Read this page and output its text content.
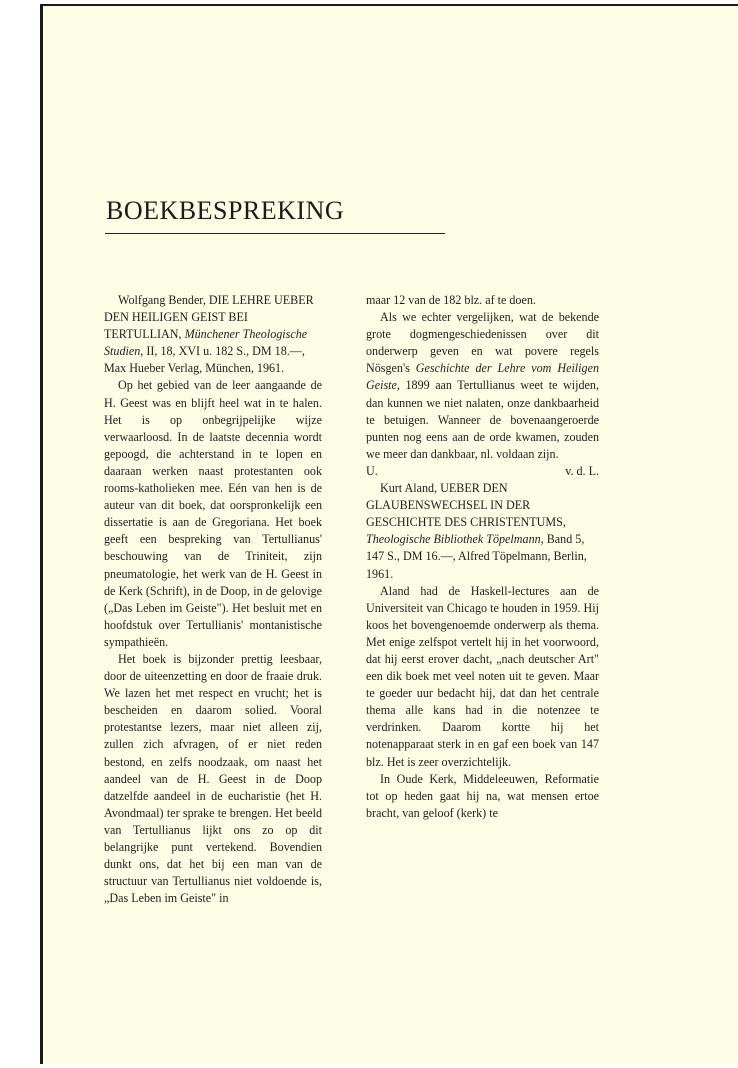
BOEKBESPREKING

Wolfgang Bender, DIE LEHRE UEBER DEN HEILIGEN GEIST BEI TERTULLIAN, Münchener Theologische Studien, II, 18, XVI u. 182 S., DM 18.—, Max Hueber Verlag, München, 1961.

Op het gebied van de leer aangaande de H. Geest was en blijft heel wat in te halen. Het is op onbegrijpelijke wijze verwaarloosd. In de laatste decennia wordt gepoogd, die achterstand in te lopen en daaraan werken naast protestanten ook rooms-katholieken mee. Eén van hen is de auteur van dit boek, dat oorspronkelijk een dissertatie is aan de Gregoriana. Het boek geeft een bespreking van Tertullianus' beschouwing van de Triniteit, zijn pneumatologie, het werk van de H. Geest in de Kerk (Schrift), in de Doop, in de gelovige („Das Leben im Geiste"). Het besluit met en hoofdstuk over Tertullianis' montanistische sympathieën.

Het boek is bijzonder prettig leesbaar, door de uiteenzetting en door de fraaie druk. We lazen het met respect en vrucht; het is bescheiden en daarom solied. Vooral protestantse lezers, maar niet alleen zij, zullen zich afvragen, of er niet reden bestond, en zelfs noodzaak, om naast het aandeel van de H. Geest in de Doop datzelfde aandeel in de eucharistie (het H. Avondmaal) ter sprake te brengen. Het beeld van Tertullianus lijkt ons zo op dit belangrijke punt vertekend. Bovendien dunkt ons, dat het bij een man van de structuur van Tertullianus niet voldoende is, „Das Leben im Geiste" in

maar 12 van de 182 blz. af te doen.

Als we echter vergelijken, wat de bekende grote dogmengeschiedenissen over dit onderwerp geven en wat povere regels Nösgen's Geschichte der Lehre vom Heiligen Geiste, 1899 aan Tertullianus weet te wijden, dan kunnen we niet nalaten, onze dankbaarheid te betuigen. Wanneer de bovenaangeroerde punten nog eens aan de orde kwamen, zouden we meer dan dankbaar, nl. voldaan zijn.

U.	v. d. L.

Kurt Aland, UEBER DEN GLAUBENSWECHSEL IN DER GESCHICHTE DES CHRISTENTUMS, Theologische Bibliothek Töpelmann, Band 5, 147 S., DM 16.—, Alfred Töpelmann, Berlin, 1961.

Aland had de Haskell-lectures aan de Universiteit van Chicago te houden in 1959. Hij koos het bovengenoemde onderwerp als thema. Met enige zelfspot vertelt hij in het voorwoord, dat hij eerst erover dacht, „nach deutscher Art" een dik boek met veel noten uit te geven. Maar te goeder uur bedacht hij, dat dan het centrale thema alle kans had in die notenzee te verdrinken. Daarom kortte hij het notenapparaat sterk in en gaf een boek van 147 blz. Het is zeer overzichtelijk.

In Oude Kerk, Middeleeuwen, Reformatie tot op heden gaat hij na, wat mensen ertoe bracht, van geloof (kerk) te
